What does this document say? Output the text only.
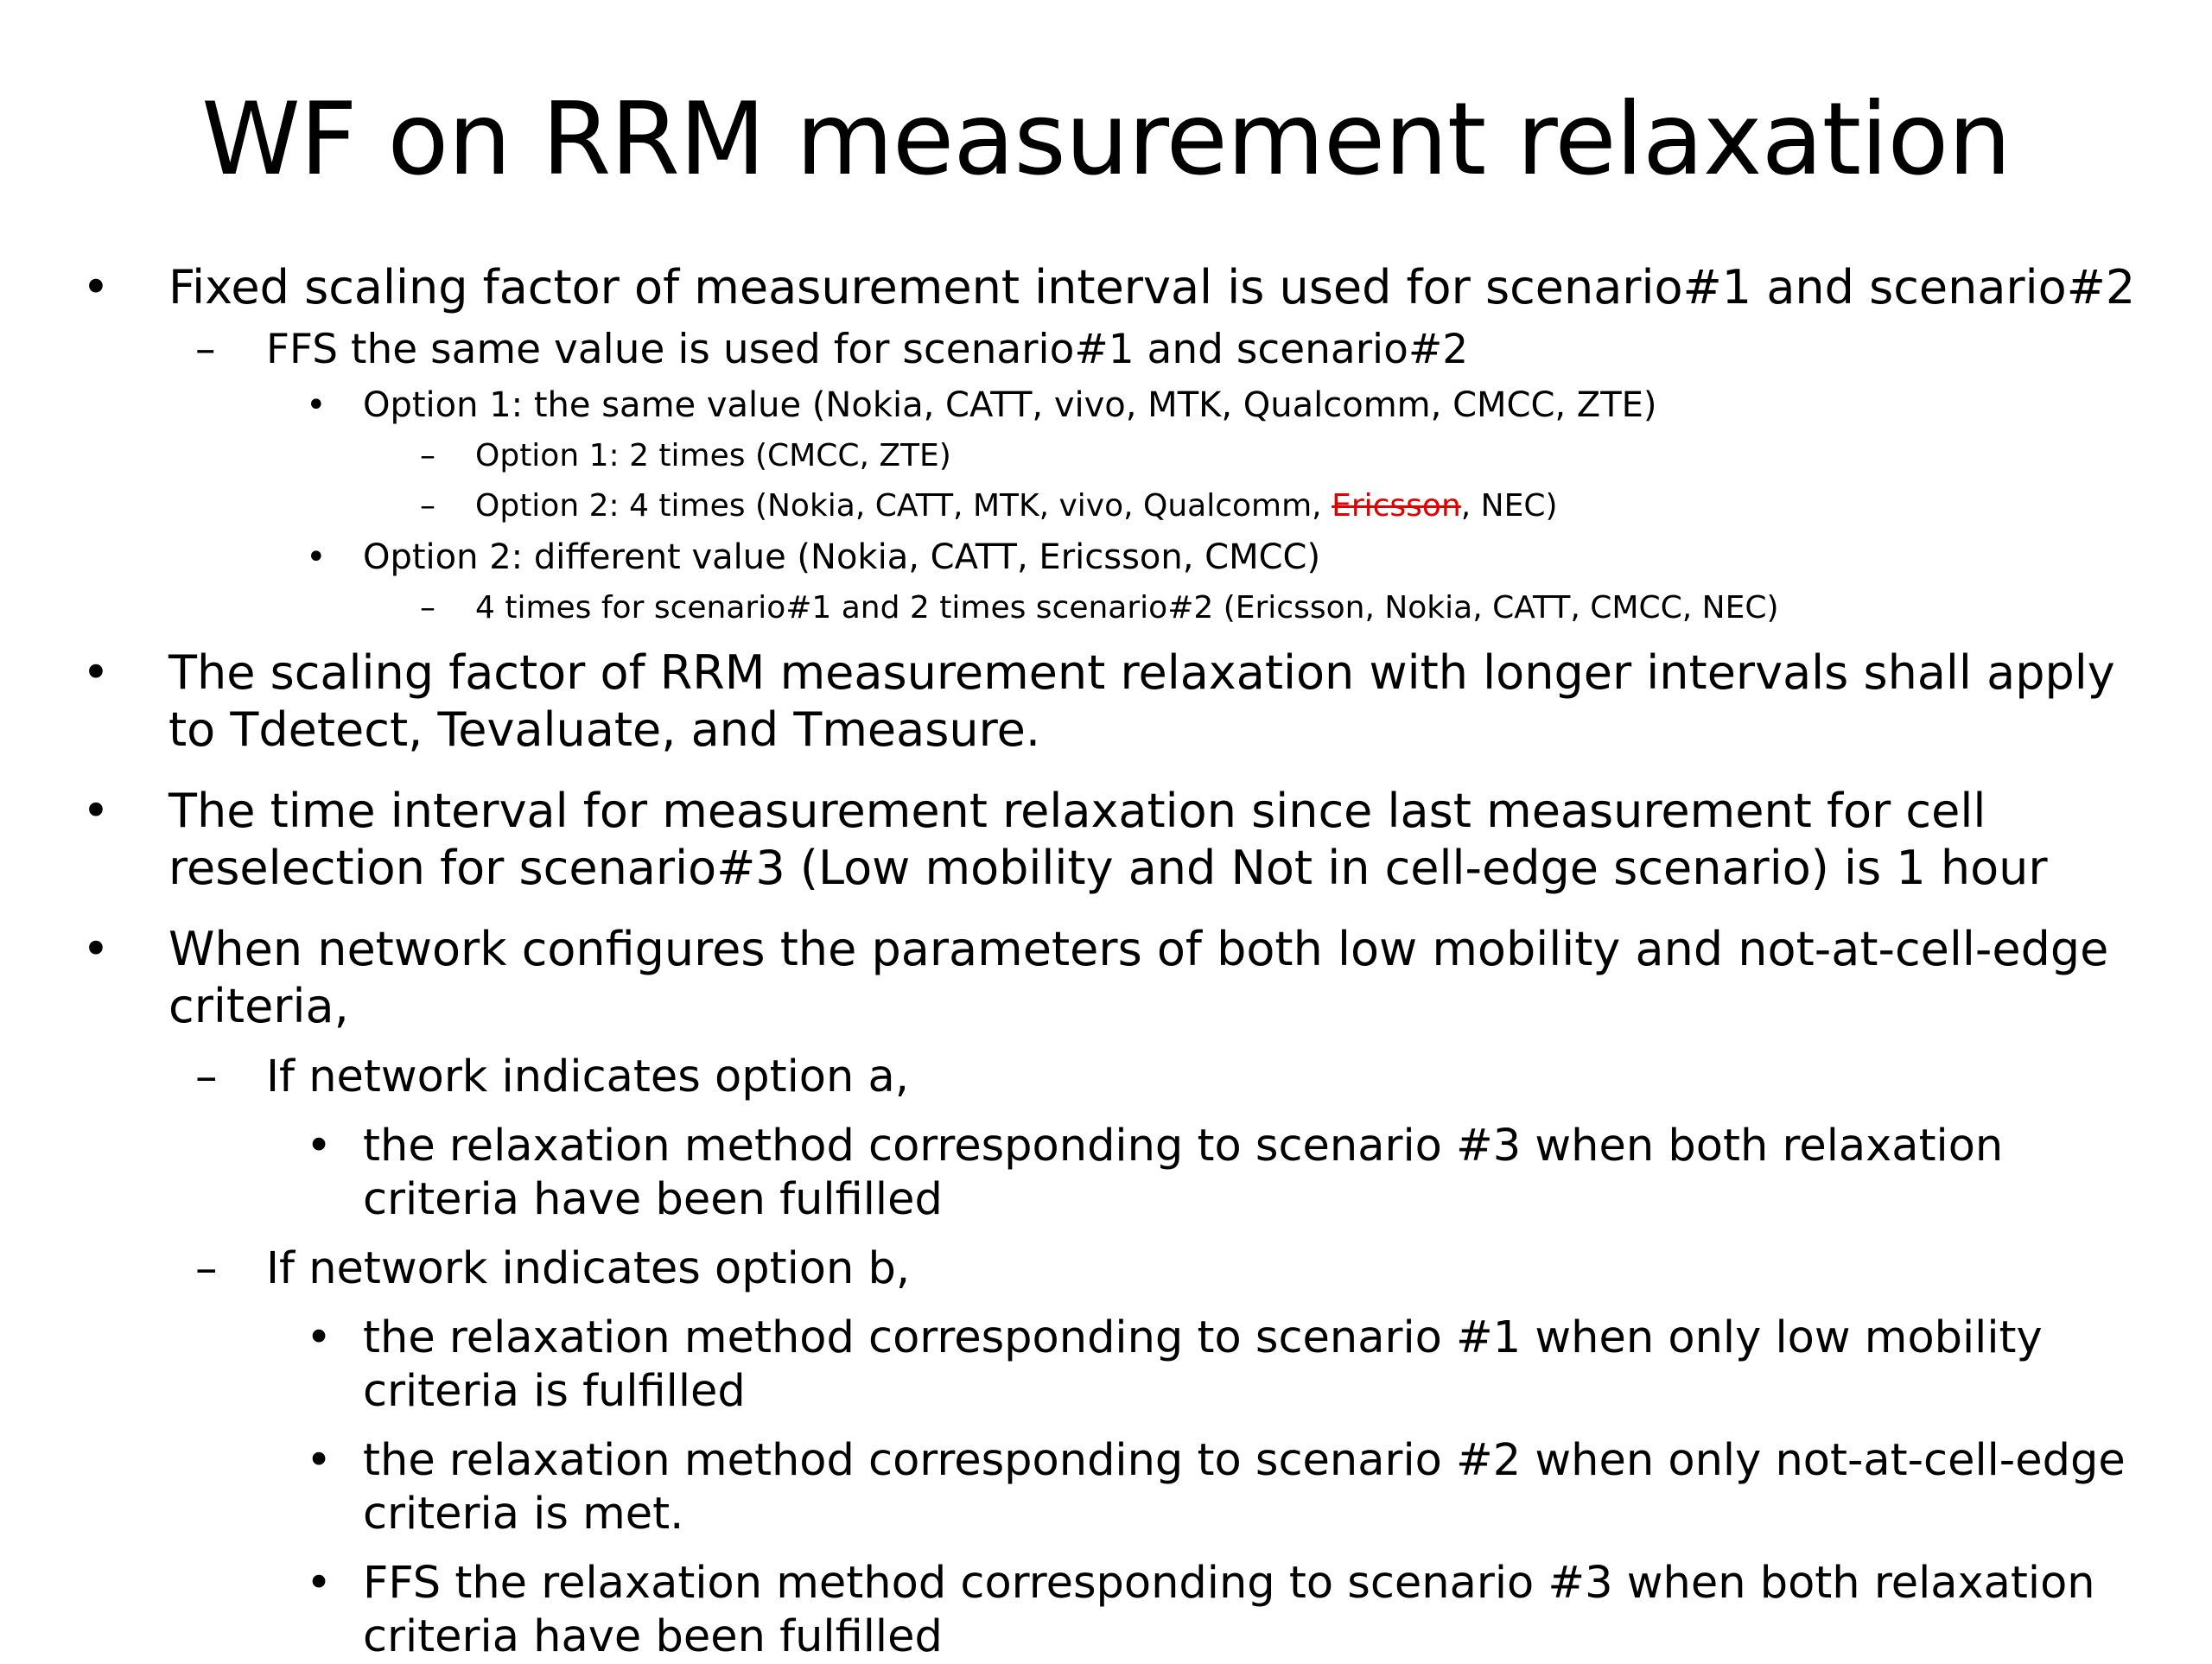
WF on RRM measurement relaxation
• Fixed scaling factor of measurement interval is used for scenario#1 and scenario#2
– FFS the same value is used for scenario#1 and scenario#2
• Option 1: the same value (Nokia, CATT, vivo, MTK, Qualcomm, CMCC, ZTE)
– Option 1: 2 times (CMCC, ZTE)
– Option 2: 4 times (Nokia, CATT, MTK, vivo, Qualcomm, Ericsson, NEC)
• Option 2: different value (Nokia, CATT, Ericsson, CMCC)
– 4 times for scenario#1 and 2 times scenario#2 (Ericsson, Nokia, CATT, CMCC, NEC)
• The scaling factor of RRM measurement relaxation with longer intervals shall apply to Tdetect, Tevaluate, and Tmeasure.
• The time interval for measurement relaxation since last measurement for cell reselection for scenario#3 (Low mobility and Not in cell-edge scenario) is 1 hour
• When network configures the parameters of both low mobility and not-at-cell-edge criteria,
– If network indicates option a,
• the relaxation method corresponding to scenario #3 when both relaxation criteria have been fulfilled
– If network indicates option b,
• the relaxation method corresponding to scenario #1 when only low mobility criteria is fulfilled
• the relaxation method corresponding to scenario #2 when only not-at-cell-edge criteria is met.
• FFS the relaxation method corresponding to scenario #3 when both relaxation criteria have been fulfilled
